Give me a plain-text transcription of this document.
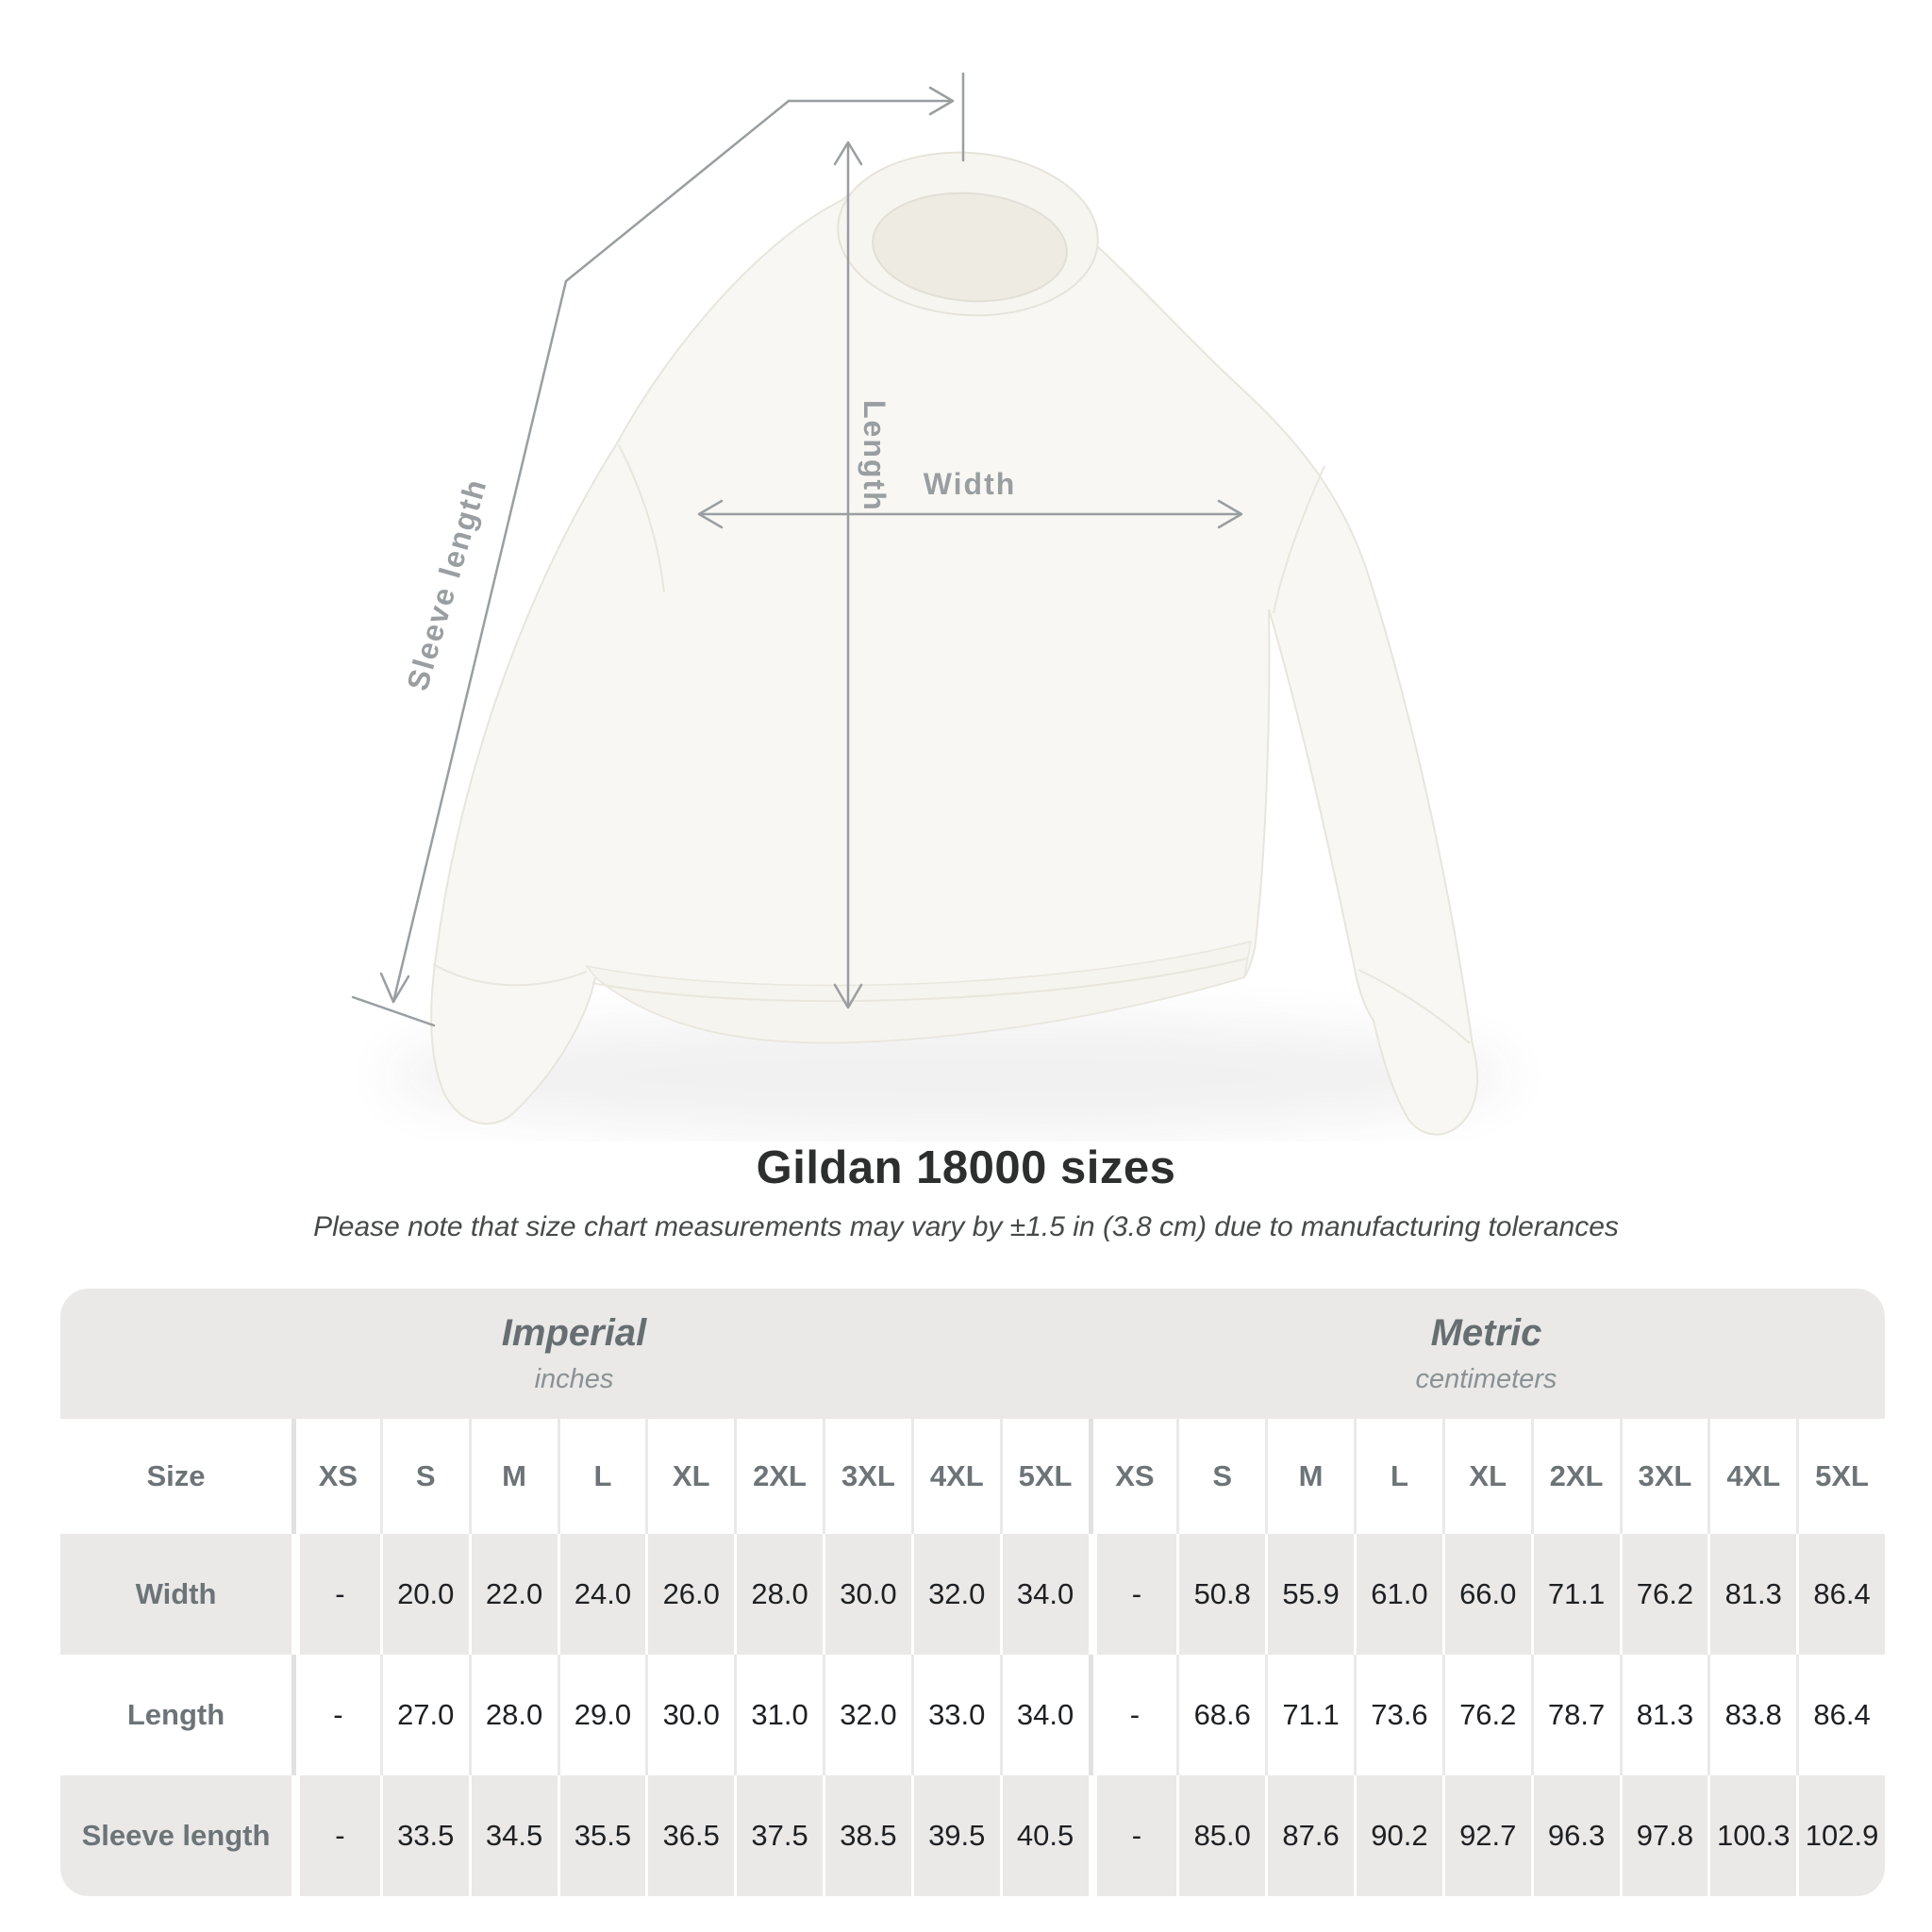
Length Width
Sleeve length
Gildan 18000 sizes

Please note that size chart measurements may vary by ±1.5 in (3.8 cm) due to manufacturing tolerances

Imperial
inches
Metric
centimeters
Size	XS	S	M	L	XL	2XL	3XL	4XL	5XL	XS	S	M	L	XL	2XL	3XL	4XL	5XL
Width	-	20.0	22.0	24.0	26.0	28.0	30.0	32.0	34.0	-	50.8	55.9	61.0	66.0	71.1	76.2	81.3	86.4
Length	-	27.0	28.0	29.0	30.0	31.0	32.0	33.0	34.0	-	68.6	71.1	73.6	76.2	78.7	81.3	83.8	86.4
Sleeve length	-	33.5	34.5	35.5	36.5	37.5	38.5	39.5	40.5	-	85.0	87.6	90.2	92.7	96.3	97.8 100.3 102.9
